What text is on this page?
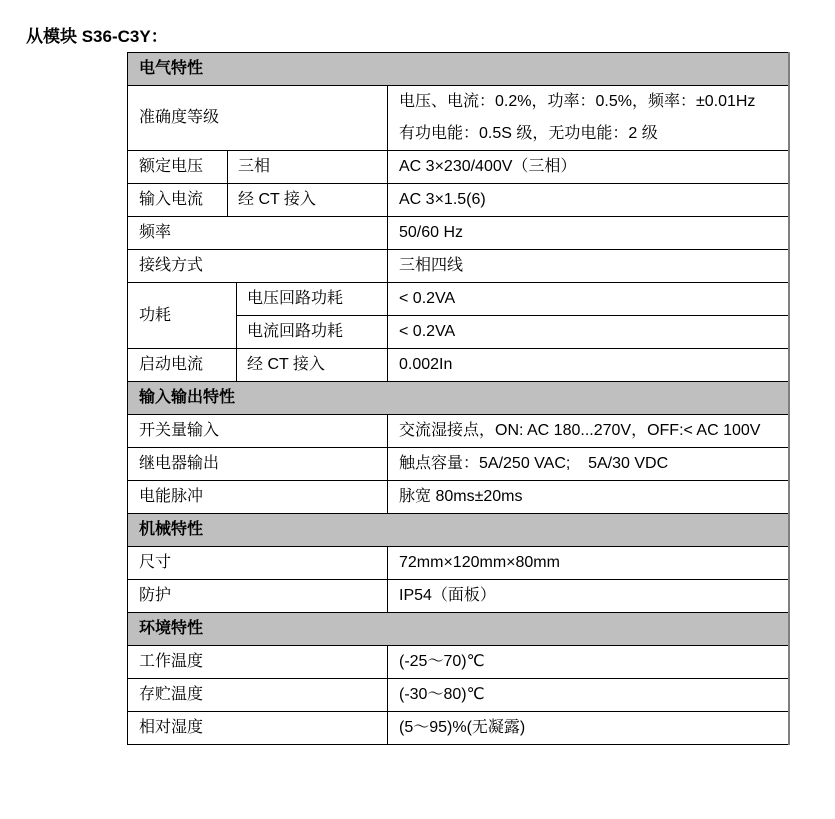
从模块 S36-C3Y：
电气特性			
准确度等级			电压、电流：0.2%，功率：0.5%，频率：±0.01Hz
有功电能：0.5S 级，无功电能：2 级

额定电压	三相		AC 3×230/400V（三相）
输入电流	经 CT 接入		AC 3×1.5(6)
频率			50/60 Hz
接线方式			三相四线
功耗		电压回路功耗	< 0.2VA
		电流回路功耗	< 0.2VA
启动电流		经 CT 接入	0.002In
输入输出特性			
开关量输入			交流湿接点，ON: AC 180...270V，OFF:< AC 100V
继电器输出			触点容量：5A/250 VAC;    5A/30 VDC
电能脉冲			脉宽 80ms±20ms
机械特性			
尺寸			72mm×120mm×80mm
防护			IP54（面板）
环境特性			
工作温度			(-25～70)℃
存贮温度			(-30～80)℃
相对湿度			(5～95)%(无凝露)
